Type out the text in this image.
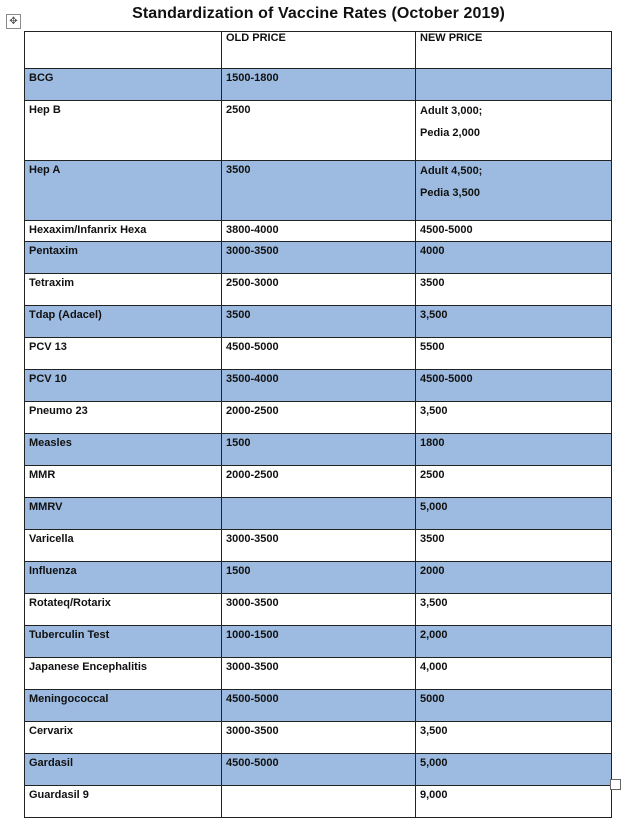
✥	Standardization of Vaccine Rates (October 2019)
	OLD PRICE	NEW PRICE
BCG	1500-1800	
Hep B	2500	Adult 3,000;
Pedia 2,000

Hep A	3500	Adult 4,500;
Pedia 3,500

Hexaxim/Infanrix Hexa	3800-4000	4500-5000
Pentaxim	3000-3500	4000
Tetraxim	2500-3000	3500
Tdap (Adacel)	3500	3,500
PCV 13	4500-5000	5500
PCV 10	3500-4000	4500-5000
Pneumo 23	2000-2500	3,500
Measles	1500	1800
MMR	2000-2500	2500
MMRV		5,000
Varicella	3000-3500	3500
Influenza	1500	2000
Rotateq/Rotarix	3000-3500	3,500
Tuberculin Test	1000-1500	2,000
Japanese Encephalitis	3000-3500	4,000
Meningococcal	4500-5000	5000
Cervarix	3000-3500	3,500
Gardasil	4500-5000	5,000
Guardasil 9		9,000
